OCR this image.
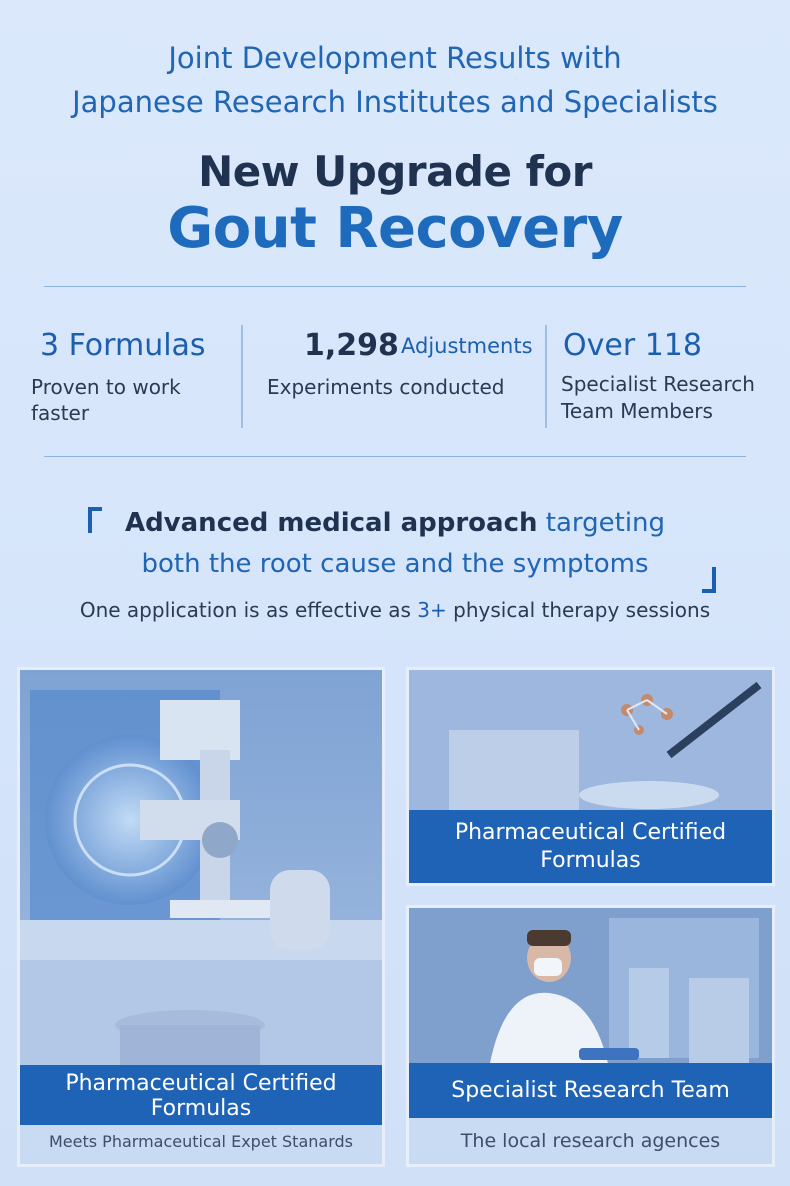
Joint Development Results with
Japanese Research Institutes and Specialists
New Upgrade for
Gout Recovery
3 Formulas
Proven to work
faster
1,298 Adjustments
Experiments conducted
Over 118
Specialist Research
Team Members
Advanced medical approach targeting
both the root cause and the symptoms
One application is as effective as 3+ physical therapy sessions
Pharmaceutical Certified
Formulas
Meets Pharmaceutical Expet Stanards
Pharmaceutical Certified
Formulas
Specialist Research Team
The local research agences
